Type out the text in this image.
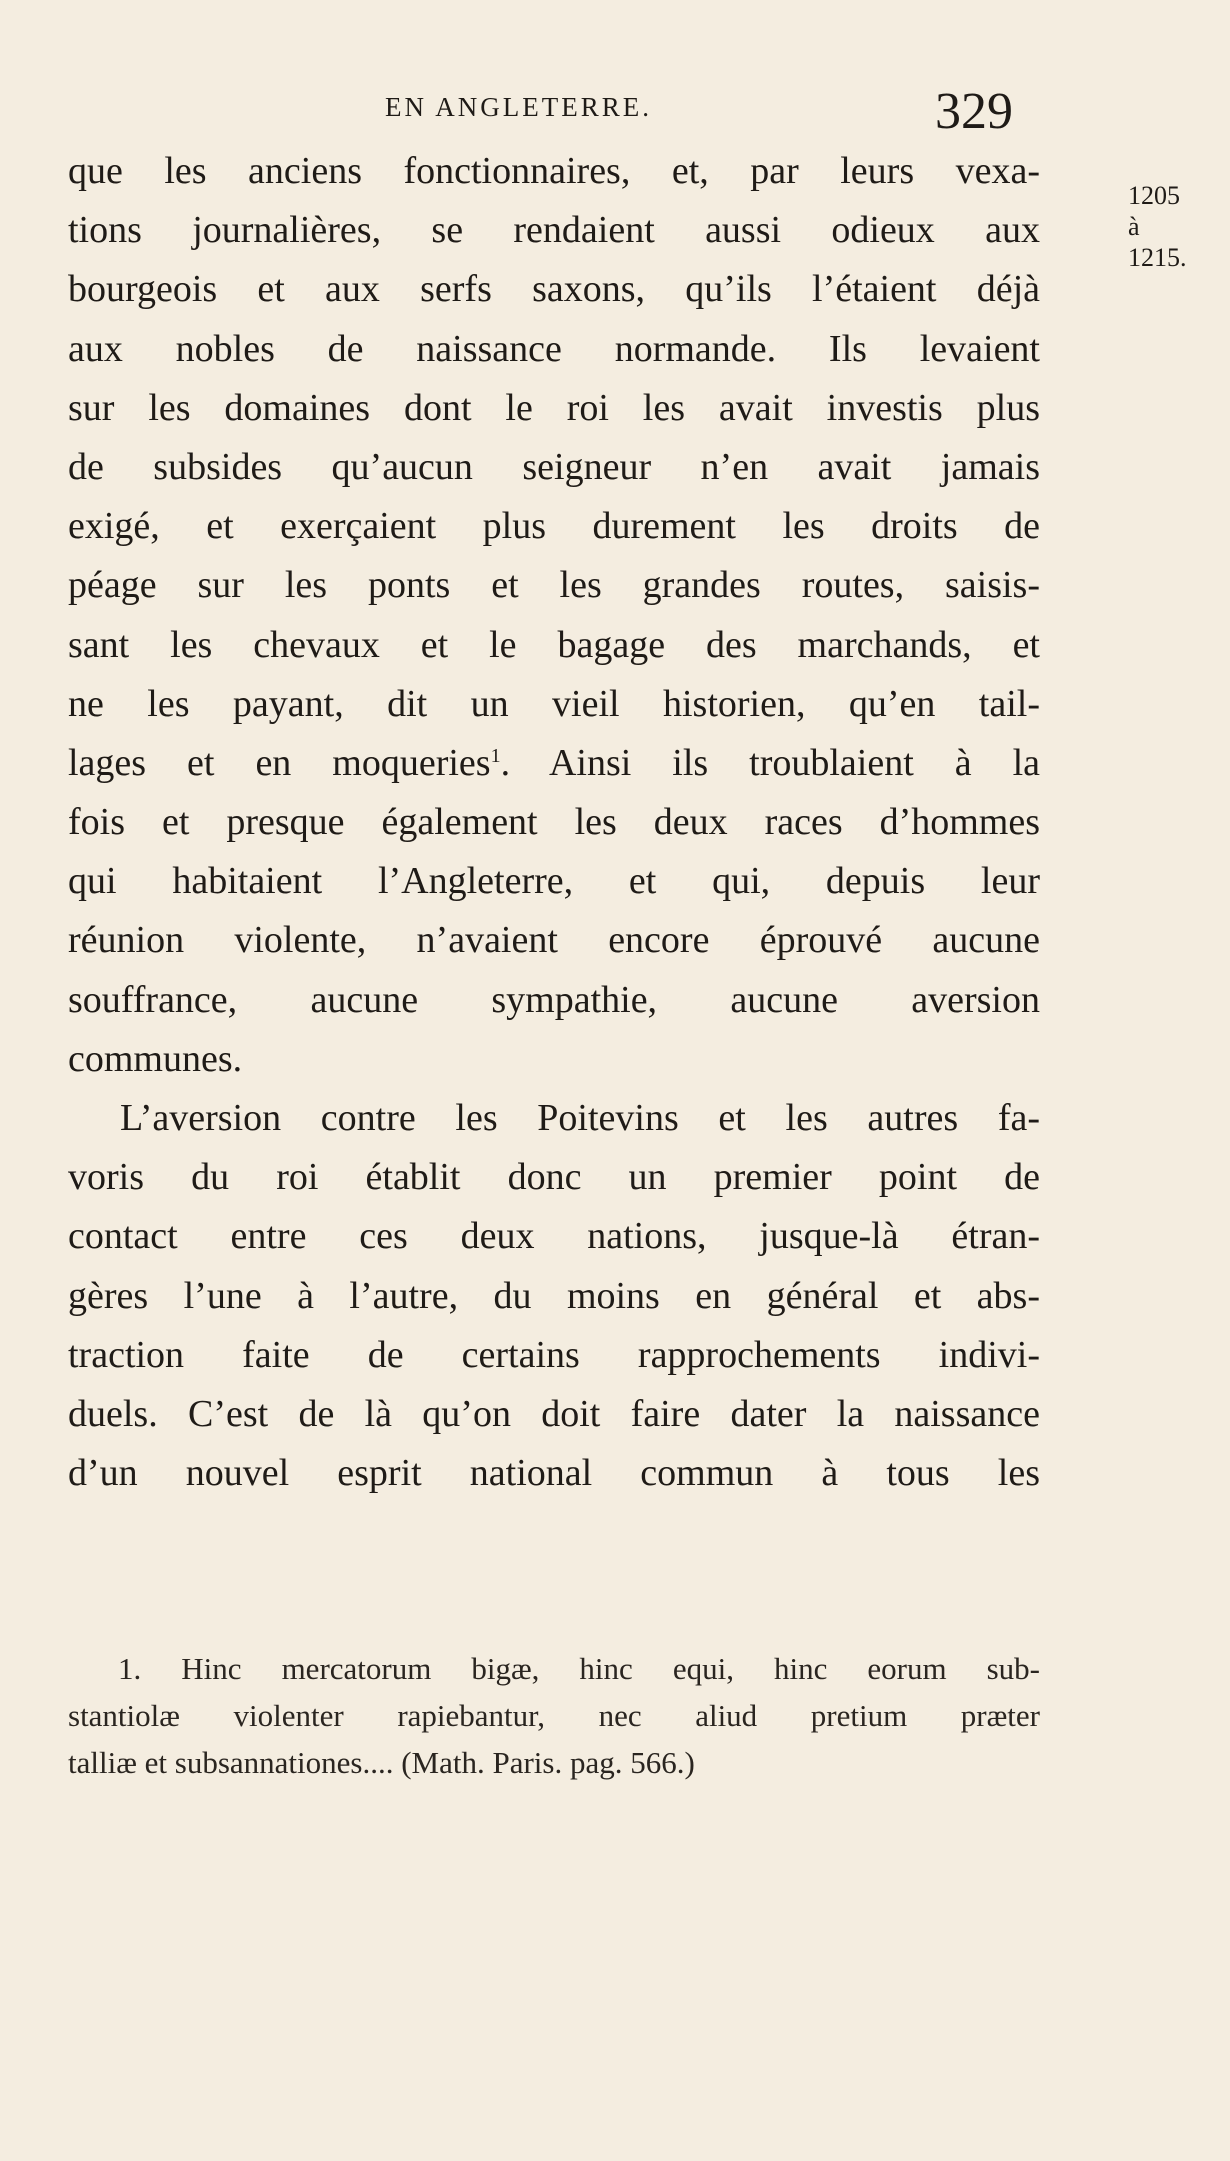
EN ANGLETERRE.	329
1205
à
1215.
que les anciens fonctionnaires, et, par leurs vexa-
tions journalières, se rendaient aussi odieux aux
bourgeois et aux serfs saxons, qu’ils l’étaient déjà
aux nobles de naissance normande. Ils levaient
sur les domaines dont le roi les avait investis plus
de subsides qu’aucun seigneur n’en avait jamais
exigé, et exerçaient plus durement les droits de
péage sur les ponts et les grandes routes, saisis-
sant les chevaux et le bagage des marchands, et
ne les payant, dit un vieil historien, qu’en tail-
lages et en moqueries$^1$. Ainsi ils troublaient à la
fois et presque également les deux races d’hommes
qui habitaient l’Angleterre, et qui, depuis leur
réunion violente, n’avaient encore éprouvé aucune
souffrance, aucune sympathie, aucune aversion
communes.
L’aversion contre les Poitevins et les autres fa-
voris du roi établit donc un premier point de
contact entre ces deux nations, jusque-là étran-
gères l’une à l’autre, du moins en général et abs-
traction faite de certains rapprochements indivi-
duels. C’est de là qu’on doit faire dater la naissance
d’un nouvel esprit national commun à tous les
1. Hinc mercatorum bigæ, hinc equi, hinc eorum sub-
stantiolæ violenter rapiebantur, nec aliud pretium præter
talliæ et subsannationes.... (Math. Paris. pag. 566.)
